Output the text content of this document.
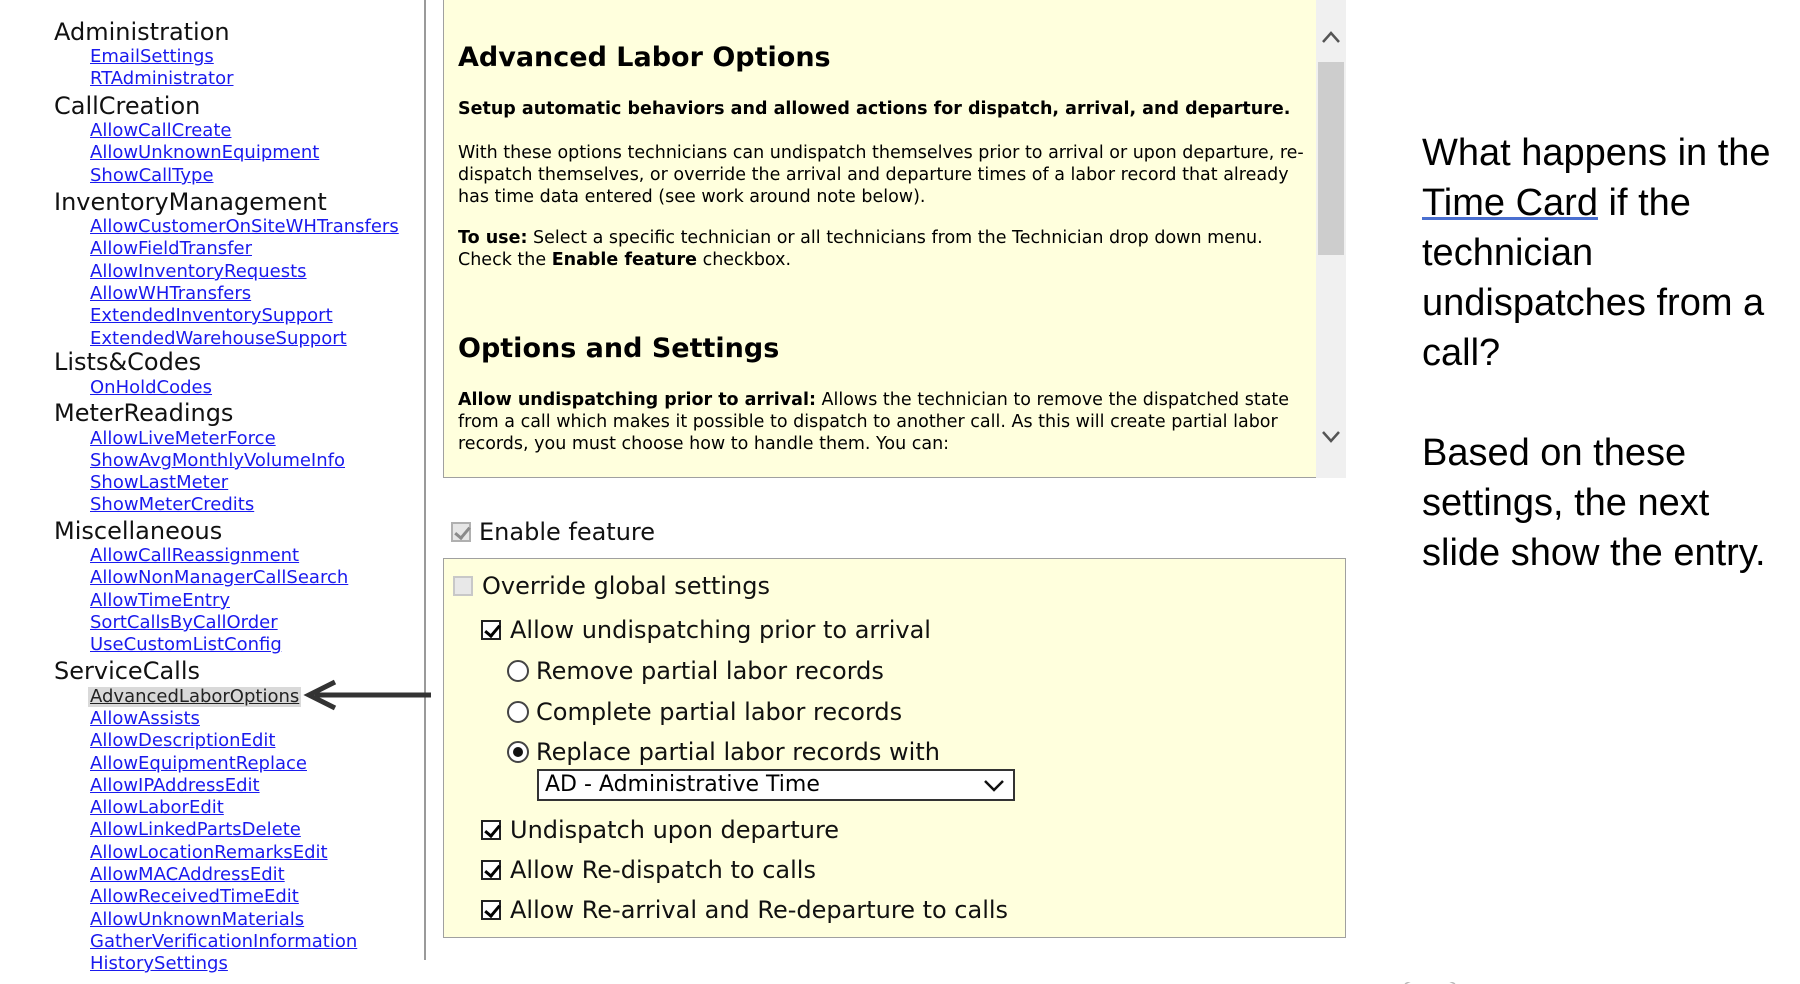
Administration
EmailSettings
RTAdministrator
CallCreation
AllowCallCreate
AllowUnknownEquipment
ShowCallType
InventoryManagement
AllowCustomerOnSiteWHTransfers
AllowFieldTransfer
AllowInventoryRequests
AllowWHTransfers
ExtendedInventorySupport
ExtendedWarehouseSupport
Lists&Codes
OnHoldCodes
MeterReadings
AllowLiveMeterForce
ShowAvgMonthlyVolumeInfo
ShowLastMeter
ShowMeterCredits
Miscellaneous
AllowCallReassignment
AllowNonManagerCallSearch
AllowTimeEntry
SortCallsByCallOrder
UseCustomListConfig
ServiceCalls
AdvancedLaborOptions
AllowAssists
AllowDescriptionEdit
AllowEquipmentReplace
AllowIPAddressEdit
AllowLaborEdit
AllowLinkedPartsDelete
AllowLocationRemarksEdit
AllowMACAddressEdit
AllowReceivedTimeEdit
AllowUnknownMaterials
GatherVerificationInformation
HistorySettings
Advanced Labor Options

Setup automatic behaviors and allowed actions for dispatch, arrival, and departure.

With these options technicians can undispatch themselves prior to arrival or upon departure, re-dispatch themselves, or override the arrival and departure times of a labor record that already has time data entered (see work around note below).

To use: Select a specific technician or all technicians from the Technician drop down menu. Check the Enable feature checkbox.

Options and Settings

Allow undispatching prior to arrival: Allows the technician to remove the dispatched state from a call which makes it possible to dispatch to another call. As this will create partial labor records, you must choose how to handle them. You can:

Enable feature
Override global settings
Allow undispatching prior to arrival
Remove partial labor records
Complete partial labor records
Replace partial labor records with
AD - Administrative Time
Undispatch upon departure
Allow Re-dispatch to calls
Allow Re-arrival and Re-departure to calls
What happens in the Time Card if the technician undispatches from a call?
Based on these settings, the next slide show the entry.
